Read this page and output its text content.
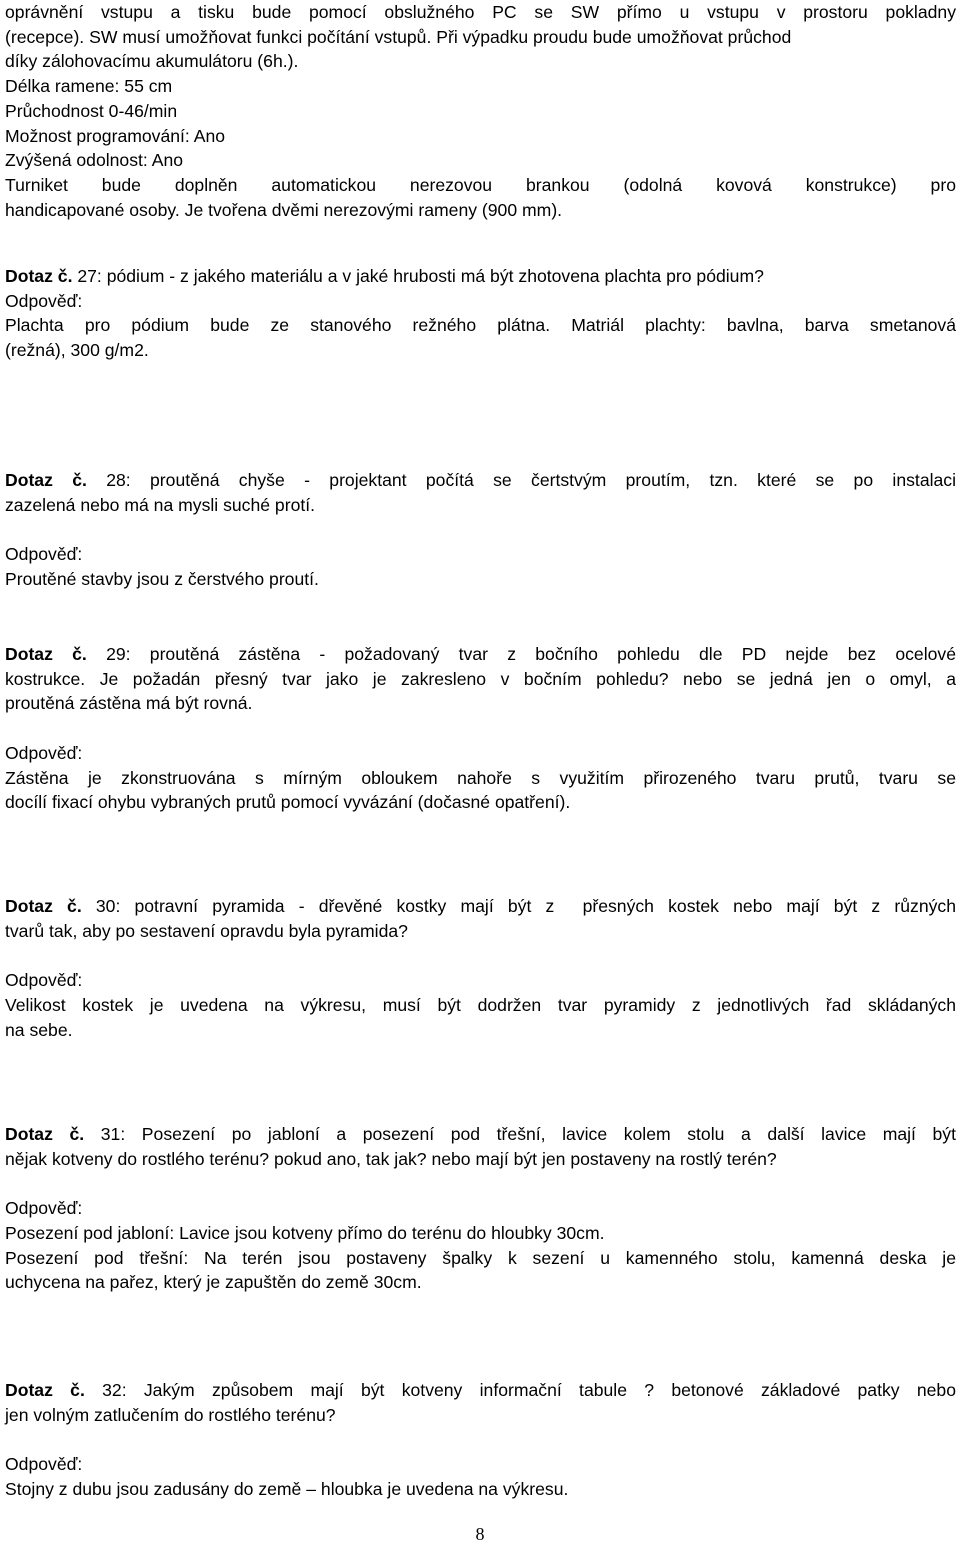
oprávnění vstupu a tisku bude pomocí obslužného PC se SW přímo u vstupu v prostoru pokladny
(recepce). SW musí umožňovat funkci počítání vstupů. Při výpadku proudu bude umožňovat průchod
díky zálohovacímu akumulátoru (6h.).
Délka ramene: 55 cm
Průchodnost 0-46/min
Možnost programování: Ano
Zvýšená odolnost: Ano
Turniket bude doplněn automatickou nerezovou brankou (odolná kovová konstrukce) pro
handicapované osoby. Je tvořena dvěmi nerezovými rameny (900 mm).
Dotaz č. 27: pódium - z jakého materiálu a v jaké hrubosti má být zhotovena plachta pro pódium?
Odpověď:
Plachta pro pódium bude ze stanového režného plátna. Matriál plachty: bavlna, barva smetanová
(režná), 300 g/m2.
Dotaz č. 28: proutěná chyše - projektant počítá se čertstvým proutím, tzn. které se po instalaci
zazelená nebo má na mysli suché protí.
Odpověď:
Proutěné stavby jsou z čerstvého proutí.
Dotaz č. 29: proutěná zástěna - požadovaný tvar z bočního pohledu dle PD nejde bez ocelové
kostrukce. Je požadán přesný tvar jako je zakresleno v bočním pohledu? nebo se jedná jen o omyl, a
proutěná zástěna má být rovná.
Odpověď:
Zástěna je zkonstruována s mírným obloukem nahoře s využitím přirozeného tvaru prutů, tvaru se
docílí fixací ohybu vybraných prutů pomocí vyvázání (dočasné opatření).
Dotaz č. 30: potravní pyramida - dřevěné kostky mají být z  přesných kostek nebo mají být z různých
tvarů tak, aby po sestavení opravdu byla pyramida?
Odpověď:
Velikost kostek je uvedena na výkresu, musí být dodržen tvar pyramidy z jednotlivých řad skládaných
na sebe.
Dotaz č. 31: Posezení po jabloní a posezení pod třešní, lavice kolem stolu a další lavice mají být
nějak kotveny do rostlého terénu? pokud ano, tak jak? nebo mají být jen postaveny na rostlý terén?
Odpověď:
Posezení pod jabloní: Lavice jsou kotveny přímo do terénu do hloubky 30cm.
Posezení pod třešní: Na terén jsou postaveny špalky k sezení u kamenného stolu, kamenná deska je
uchycena na pařez, který je zapuštěn do země 30cm.
Dotaz č. 32: Jakým způsobem mají být kotveny informační tabule ? betonové základové patky nebo
jen volným zatlučením do rostlého terénu?
Odpověď:
Stojny z dubu jsou zadusány do země – hloubka je uvedena na výkresu.
8
